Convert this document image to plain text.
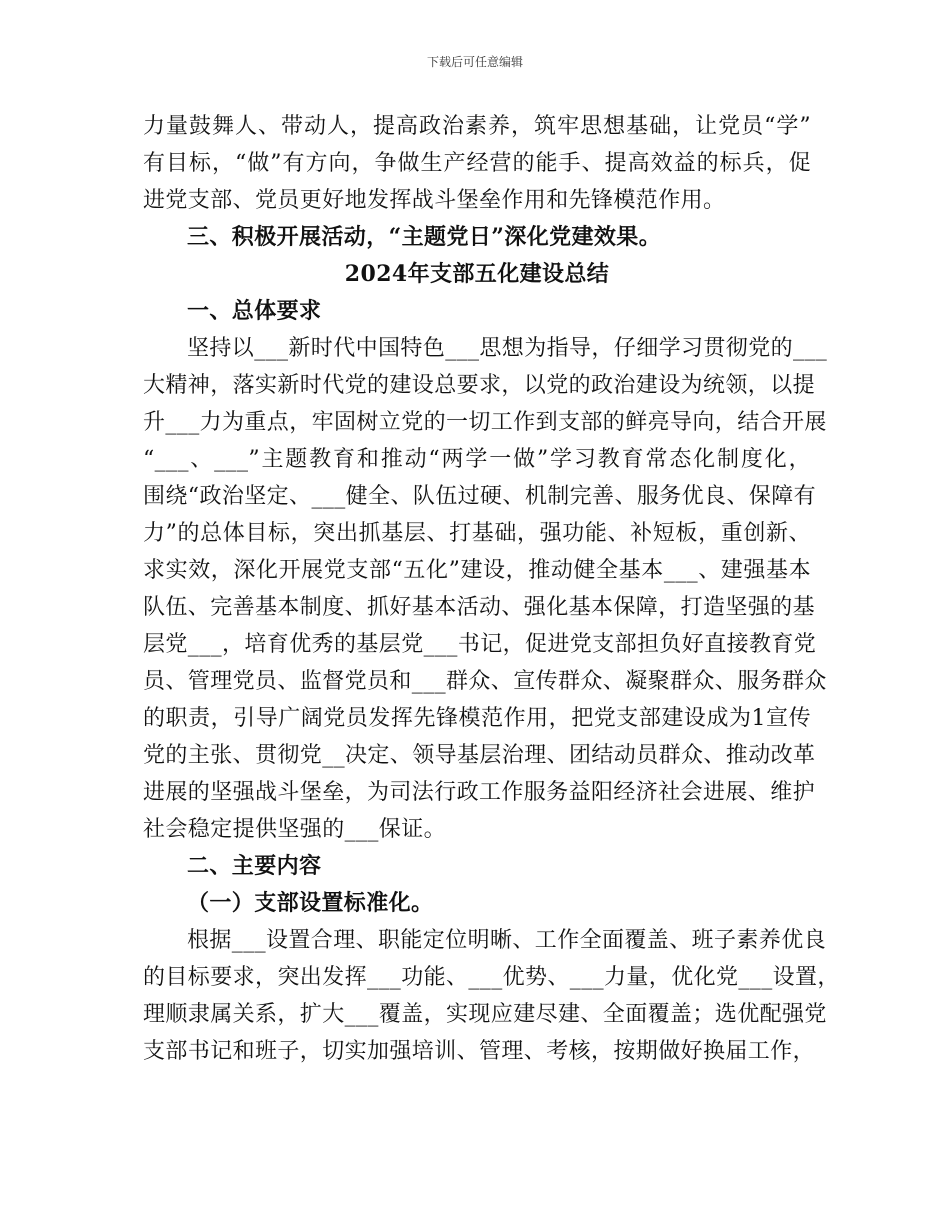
下载后可任意编辑
力量鼓舞人、带动人，提高政治素养，筑牢思想基础，让党员“学”
有目标，“做”有方向，争做生产经营的能手、提高效益的标兵，促
进党支部、党员更好地发挥战斗堡垒作用和先锋模范作用。
三、积极开展活动，“主题党日”深化党建效果。
2024年支部五化建设总结
一、总体要求
坚持以___新时代中国特色___思想为指导，仔细学习贯彻党的___
大精神，落实新时代党的建设总要求，以党的政治建设为统领，以提
升___力为重点，牢固树立党的一切工作到支部的鲜亮导向，结合开展
“___、___”主题教育和推动“两学一做”学习教育常态化制度化，
围绕“政治坚定、___健全、队伍过硬、机制完善、服务优良、保障有
力”的总体目标，突出抓基层、打基础，强功能、补短板，重创新、
求实效，深化开展党支部“五化”建设，推动健全基本___、建强基本
队伍、完善基本制度、抓好基本活动、强化基本保障，打造坚强的基
层党___，培育优秀的基层党___书记，促进党支部担负好直接教育党
员、管理党员、监督党员和___群众、宣传群众、凝聚群众、服务群众
的职责，引导广阔党员发挥先锋模范作用，把党支部建设成为1宣传
党的主张、贯彻党__决定、领导基层治理、团结动员群众、推动改革
进展的坚强战斗堡垒，为司法行政工作服务益阳经济社会进展、维护
社会稳定提供坚强的___保证。
二、主要内容
（一）支部设置标准化。
根据___设置合理、职能定位明晰、工作全面覆盖、班子素养优良
的目标要求，突出发挥___功能、___优势、___力量，优化党___设置，
理顺隶属关系，扩大___覆盖，实现应建尽建、全面覆盖；选优配强党
支部书记和班子，切实加强培训、管理、考核，按期做好换届工作，
